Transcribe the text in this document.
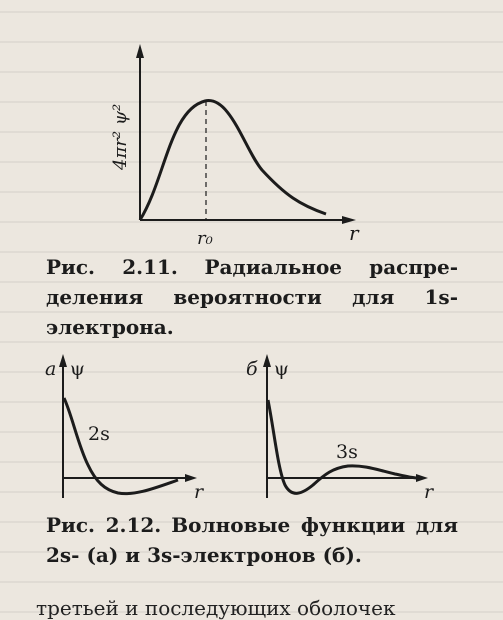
4πr² ψ²
r₀	r
Рис. 2.11. Радиальное распределения вероятности для 1s-электрона.
а ψ
2s
r
б ψ
3s
r
Рис. 2.12. Волновые функции для 2s- (а) и 3s-электронов (б).
третьей и последующих оболочек
